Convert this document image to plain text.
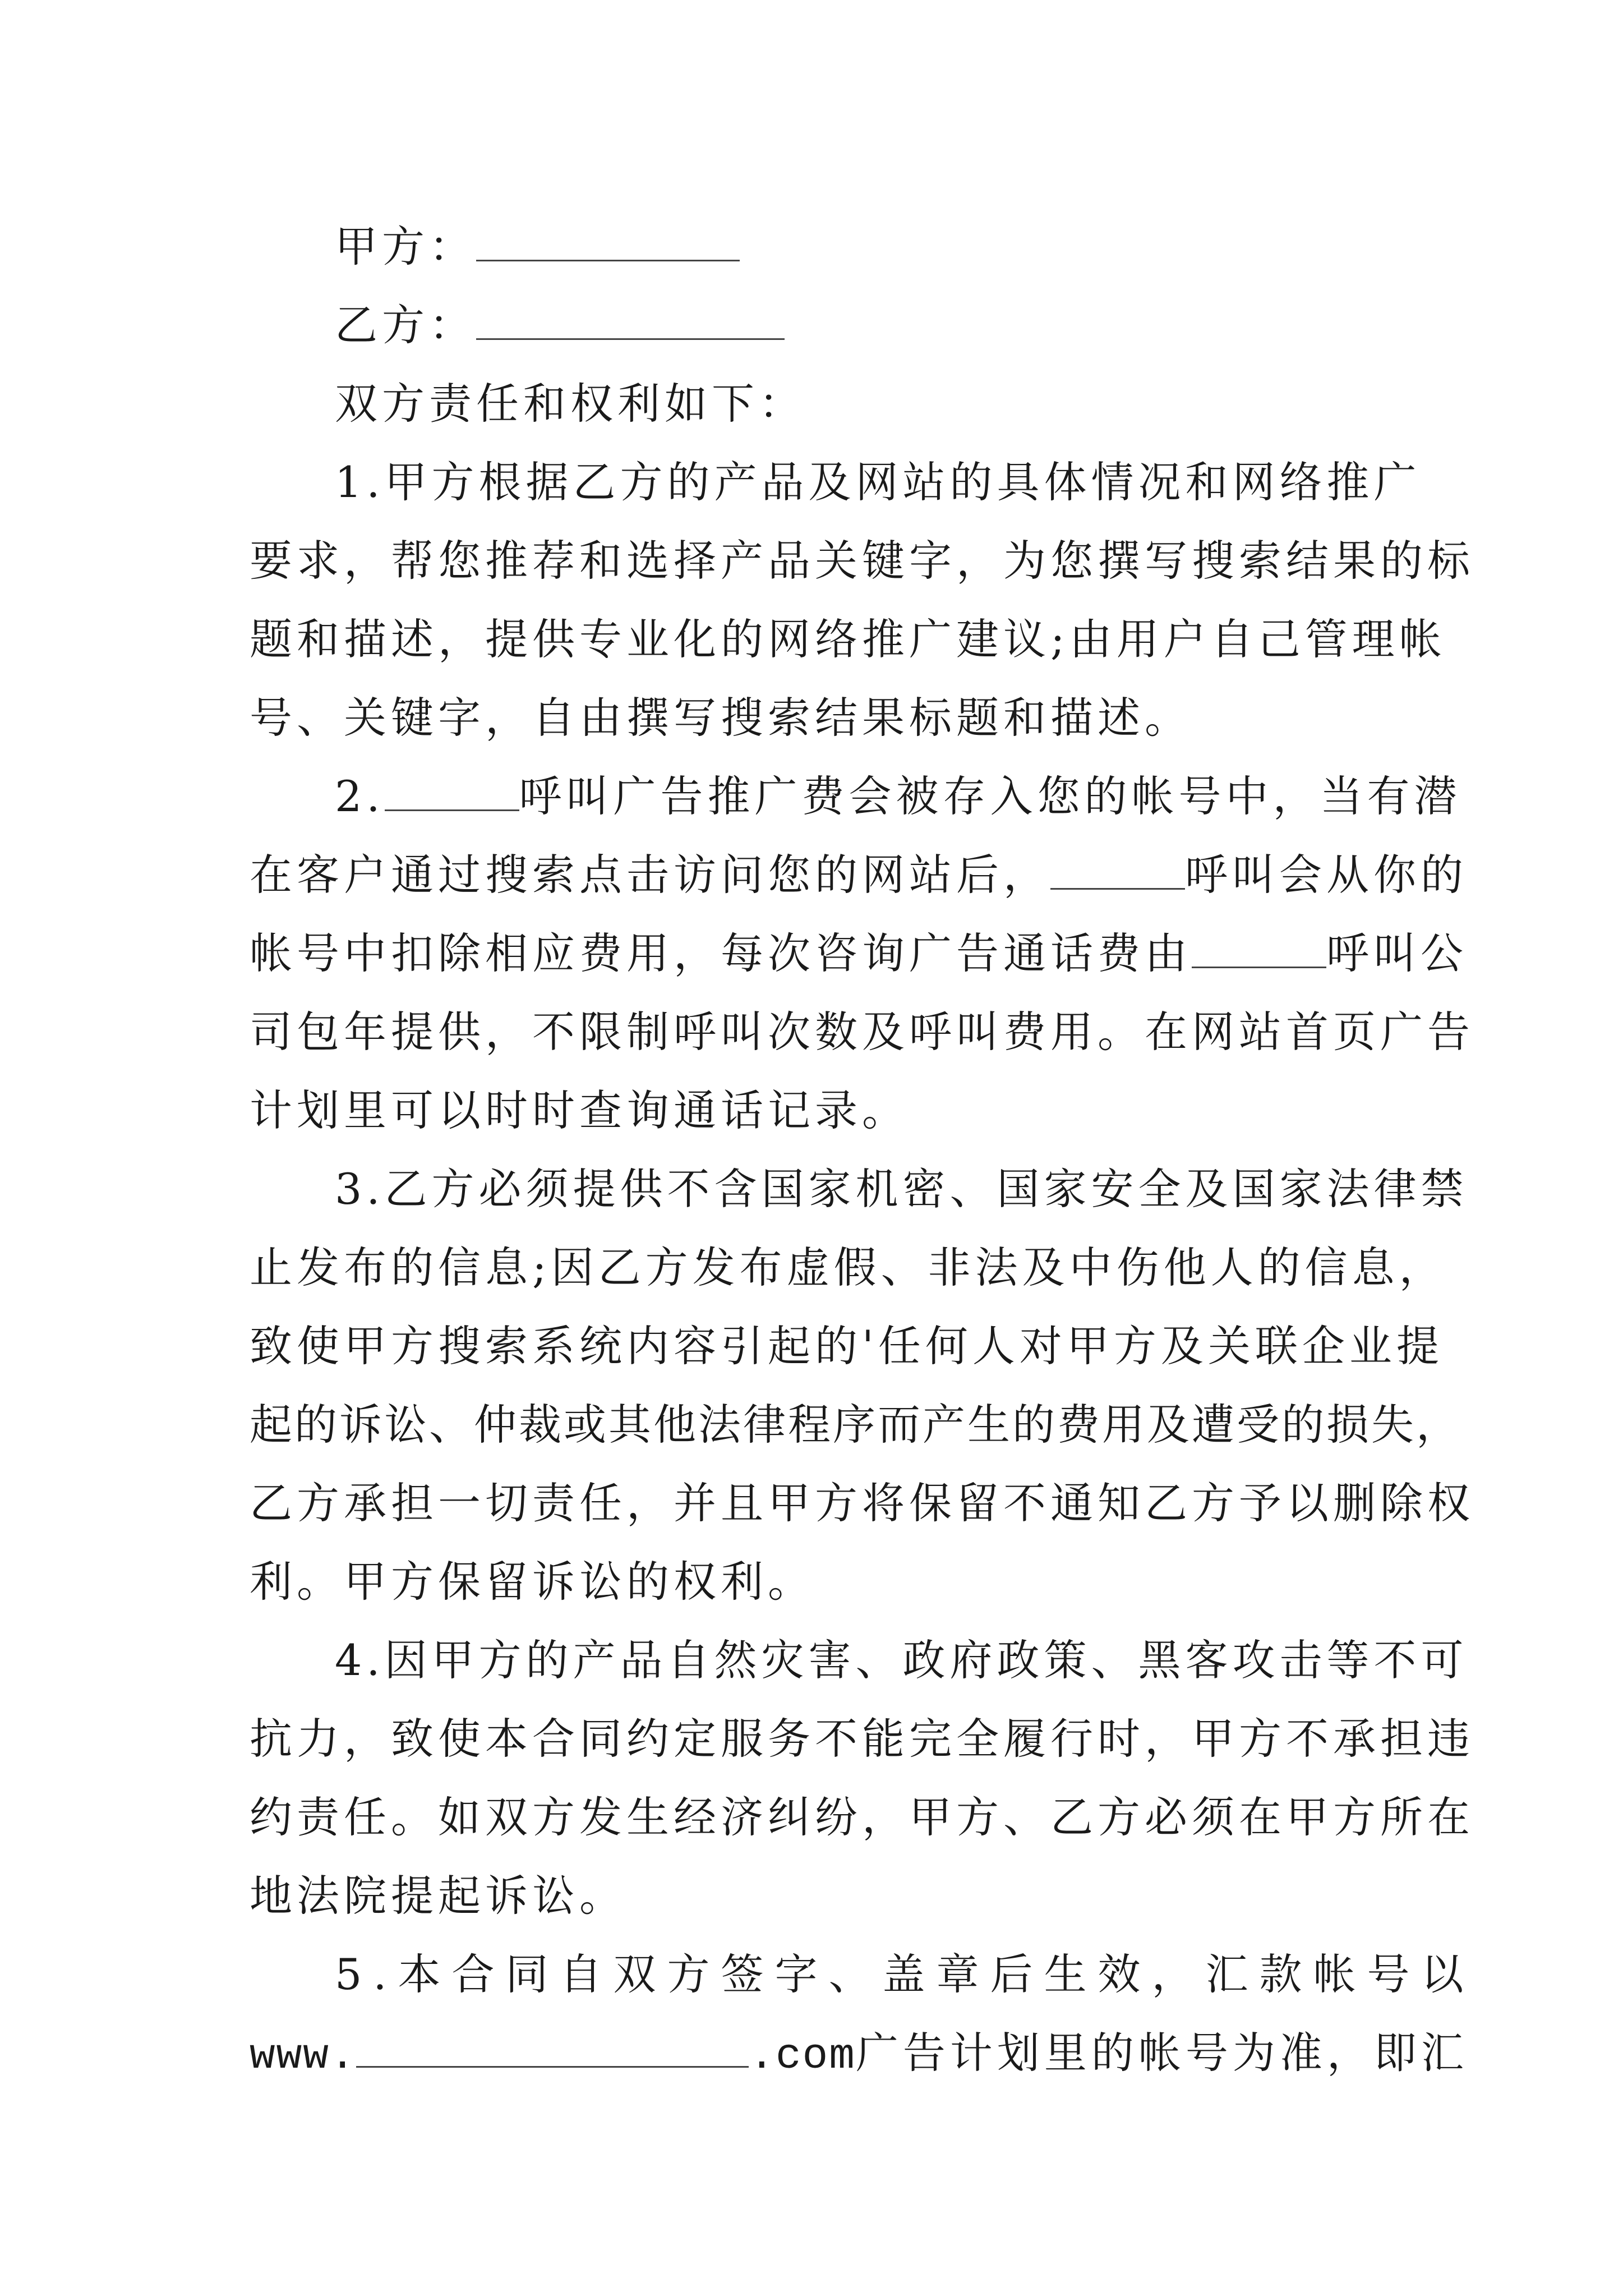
甲方：
乙方：
双方责任和权利如下：
1.甲方根据乙方的产品及网站的具体情况和网络推广
要求，帮您推荐和选择产品关键字，为您撰写搜索结果的标
题和描述，提供专业化的网络推广建议;由用户自己管理帐
号、关键字，自由撰写搜索结果标题和描述。
2.	呼叫广告推广费会被存入您的帐号中，当有潜
在客户通过搜索点击访问您的网站后，	呼叫会从你的
帐号中扣除相应费用，每次咨询广告通话费由	呼叫公
司包年提供，不限制呼叫次数及呼叫费用。在网站首页广告
计划里可以时时查询通话记录。
3.乙方必须提供不含国家机密、国家安全及国家法律禁
止发布的信息;因乙方发布虚假、非法及中伤他人的信息，
致使甲方搜索系统内容引起的'任何人对甲方及关联企业提
起的诉讼、仲裁或其他法律程序而产生的费用及遭受的损失，
乙方承担一切责任，并且甲方将保留不通知乙方予以删除权
利。甲方保留诉讼的权利。
4.因甲方的产品自然灾害、政府政策、黑客攻击等不可
抗力，致使本合同约定服务不能完全履行时，甲方不承担违
约责任。如双方发生经济纠纷，甲方、乙方必须在甲方所在
地法院提起诉讼。
5.本合同自双方签字、盖章后生效，汇款帐号以
www.	.com广告计划里的帐号为准，即汇
